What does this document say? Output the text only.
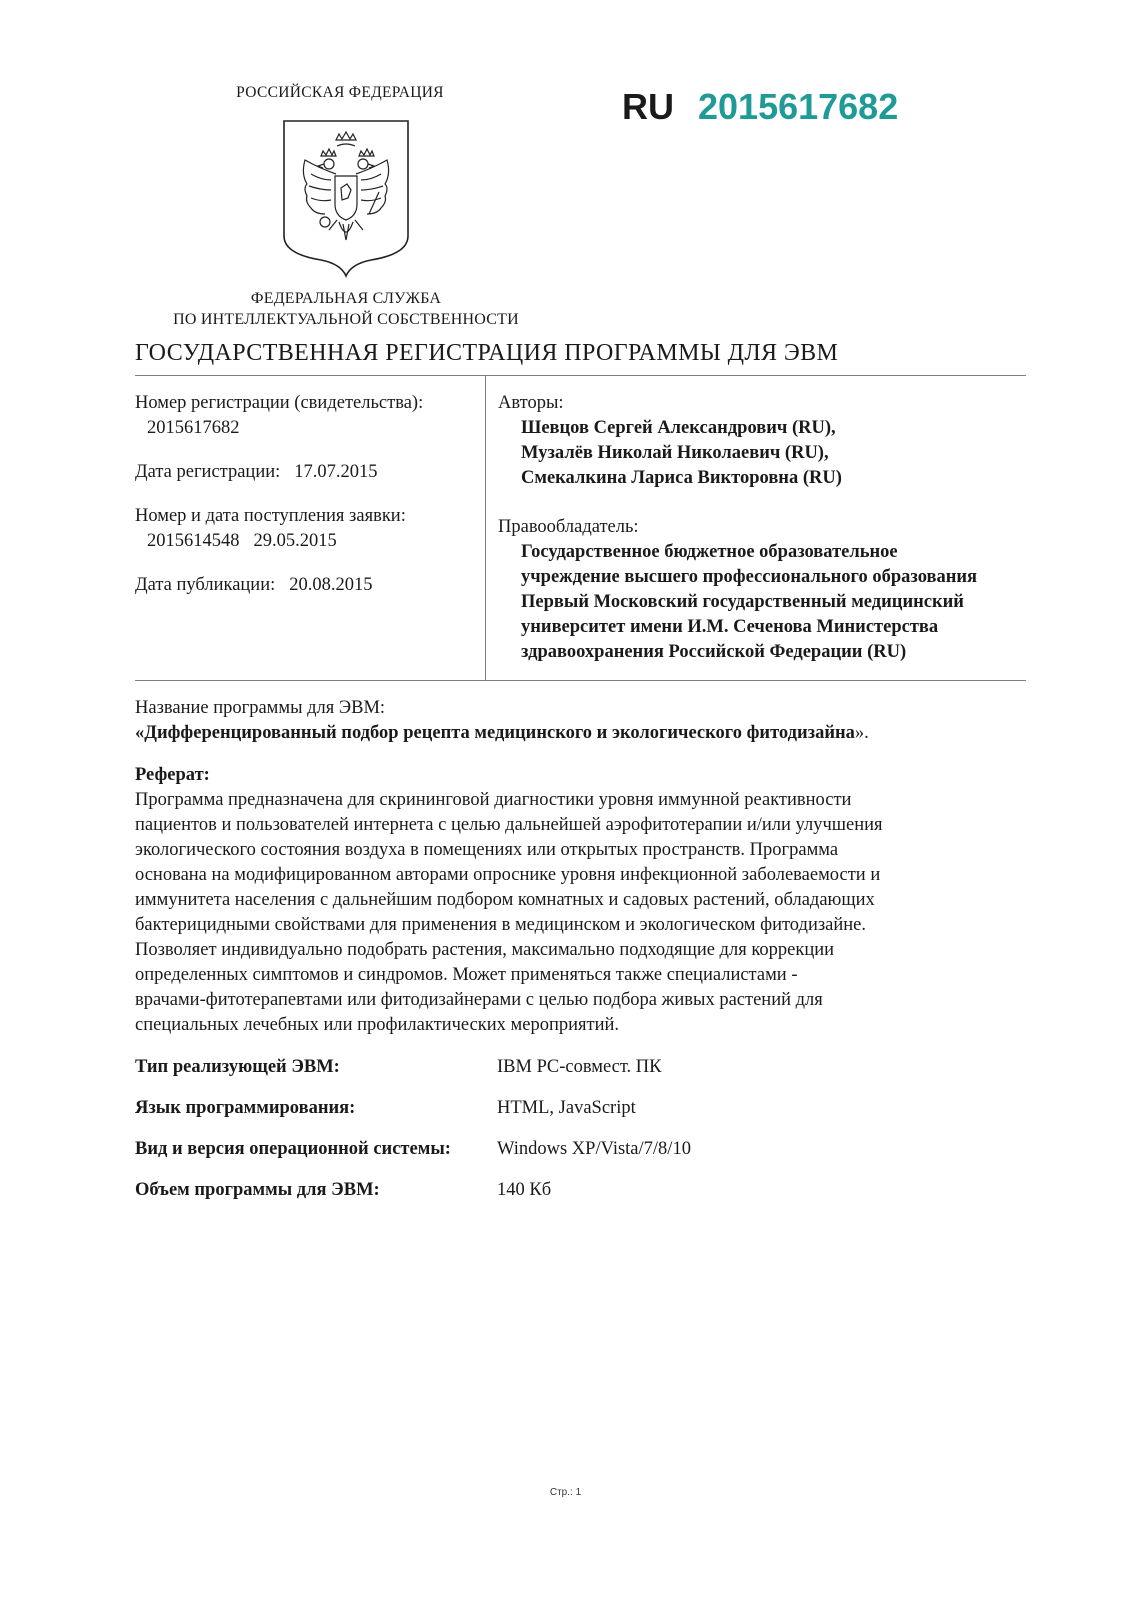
РОССИЙСКАЯ ФЕДЕРАЦИЯ
ФЕДЕРАЛЬНАЯ СЛУЖБА
ПО ИНТЕЛЛЕКТУАЛЬНОЙ СОБСТВЕННОСТИ
RU 2015617682
ГОСУДАРСТВЕННАЯ РЕГИСТРАЦИЯ ПРОГРАММЫ ДЛЯ ЭВМ
Номер регистрации (свидетельства):
2015617682
Дата регистрации: 17.07.2015
Номер и дата поступления заявки:
2015614548 29.05.2015
Дата публикации: 20.08.2015
Авторы:
Шевцов Сергей Александрович (RU),
Музалёв Николай Николаевич (RU),
Смекалкина Лариса Викторовна (RU)
Правообладатель:
Государственное бюджетное образовательное
учреждение высшего профессионального образования
Первый Московский государственный медицинский
университет имени И.М. Сеченова Министерства
здравоохранения Российской Федерации (RU)
Название программы для ЭВМ:
«Дифференцированный подбор рецепта медицинского и экологического фитодизайна».
Реферат:
Программа предназначена для скрининговой диагностики уровня иммунной реактивности
пациентов и пользователей интернета с целью дальнейшей аэрофитотерапии и/или улучшения
экологического состояния воздуха в помещениях или открытых пространств. Программа
основана на модифицированном авторами опроснике уровня инфекционной заболеваемости и
иммунитета населения с дальнейшим подбором комнатных и садовых растений, обладающих
бактерицидными свойствами для применения в медицинском и экологическом фитодизайне.
Позволяет индивидуально подобрать растения, максимально подходящие для коррекции
определенных симптомов и синдромов. Может применяться также специалистами -
врачами-фитотерапевтами или фитодизайнерами с целью подбора живых растений для
специальных лечебных или профилактических мероприятий.
Тип реализующей ЭВМ:	IBM PC-совмест. ПК
Язык программирования:	HTML, JavaScript
Вид и версия операционной системы: Windows XP/Vista/7/8/10
Объем программы для ЭВМ:	140 Кб
Стр.: 1
